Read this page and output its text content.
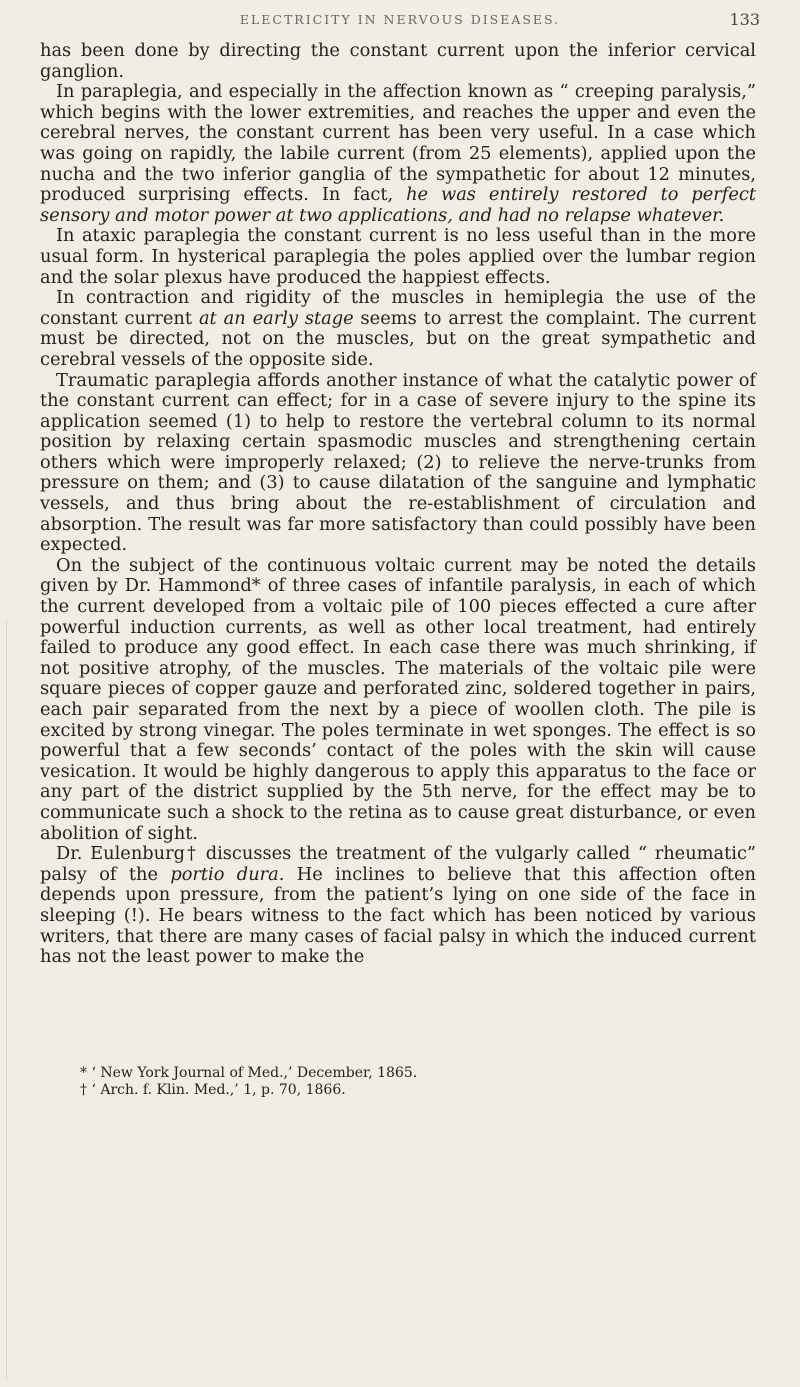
ELECTRICITY IN NERVOUS DISEASES.	133

has been done by directing the constant current upon the inferior cervical ganglion.

In paraplegia, and especially in the affection known as “ creeping paralysis,” which begins with the lower extremities, and reaches the upper and even the cerebral nerves, the constant current has been very useful. In a case which was going on rapidly, the labile current (from 25 elements), applied upon the nucha and the two inferior ganglia of the sympathetic for about 12 minutes, produced surprising effects. In fact, he was entirely restored to perfect sensory and motor power at two applications, and had no relapse whatever.

In ataxic paraplegia the constant current is no less useful than in the more usual form. In hysterical paraplegia the poles applied over the lumbar region and the solar plexus have produced the happiest effects.

In contraction and rigidity of the muscles in hemiplegia the use of the constant current at an early stage seems to arrest the complaint. The current must be directed, not on the muscles, but on the great sympathetic and cerebral vessels of the opposite side.

Traumatic paraplegia affords another instance of what the catalytic power of the constant current can effect; for in a case of severe injury to the spine its application seemed (1) to help to restore the vertebral column to its normal position by relaxing certain spasmodic muscles and strengthening certain others which were improperly relaxed; (2) to relieve the nerve-trunks from pressure on them; and (3) to cause dilatation of the sanguine and lymphatic vessels, and thus bring about the re-establishment of circulation and absorption. The result was far more satisfactory than could possibly have been expected.

On the subject of the continuous voltaic current may be noted the details given by Dr. Hammond* of three cases of infantile paralysis, in each of which the current developed from a voltaic pile of 100 pieces effected a cure after powerful induction currents, as well as other local treatment, had entirely failed to produce any good effect. In each case there was much shrinking, if not positive atrophy, of the muscles. The materials of the voltaic pile were square pieces of copper gauze and perforated zinc, soldered together in pairs, each pair separated from the next by a piece of woollen cloth. The pile is excited by strong vinegar. The poles terminate in wet sponges. The effect is so powerful that a few seconds’ contact of the poles with the skin will cause vesication. It would be highly dangerous to apply this apparatus to the face or any part of the district supplied by the 5th nerve, for the effect may be to communicate such a shock to the retina as to cause great disturbance, or even abolition of sight.

Dr. Eulenburg† discusses the treatment of the vulgarly called “ rheumatic” palsy of the portio dura. He inclines to believe that this affection often depends upon pressure, from the patient’s lying on one side of the face in sleeping (!). He bears witness to the fact which has been noticed by various writers, that there are many cases of facial palsy in which the induced current has not the least power to make the

* ‘ New York Journal of Med.,’ December, 1865.
† ‘ Arch. f. Klin. Med.,’ 1, p. 70, 1866.
